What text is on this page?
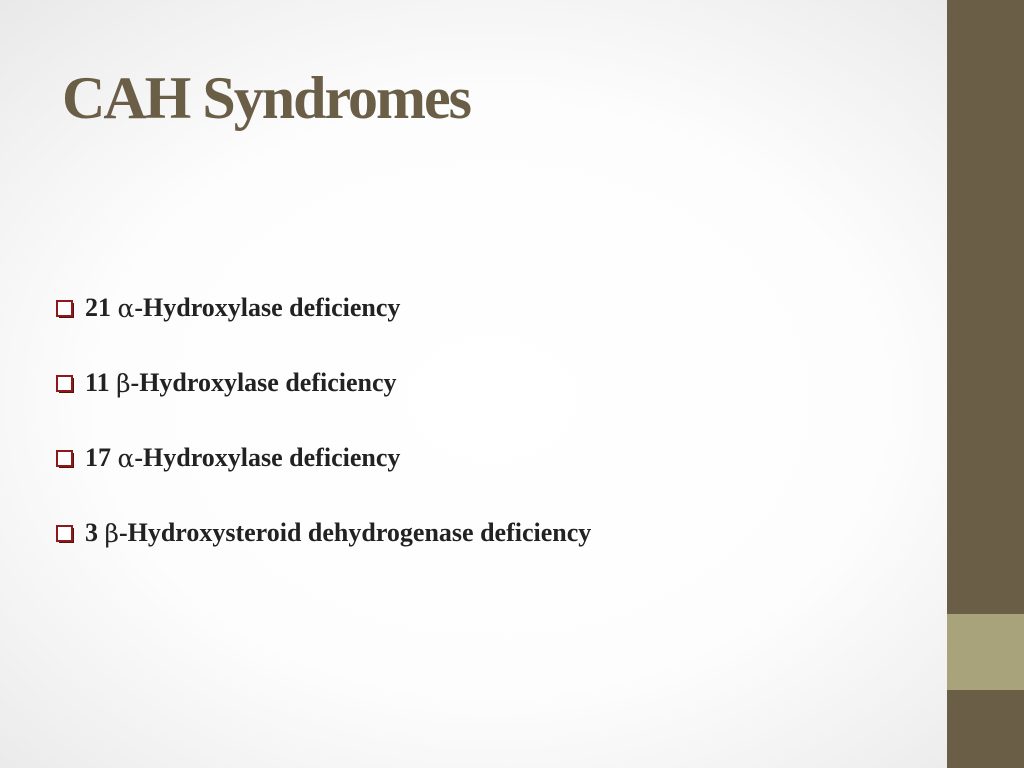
CAH Syndromes
21
α -Hydroxylase deficiency
11
β -Hydroxylase deficiency
17
α -Hydroxylase deficiency
3
β -Hydroxysteroid dehydrogenase deficiency
